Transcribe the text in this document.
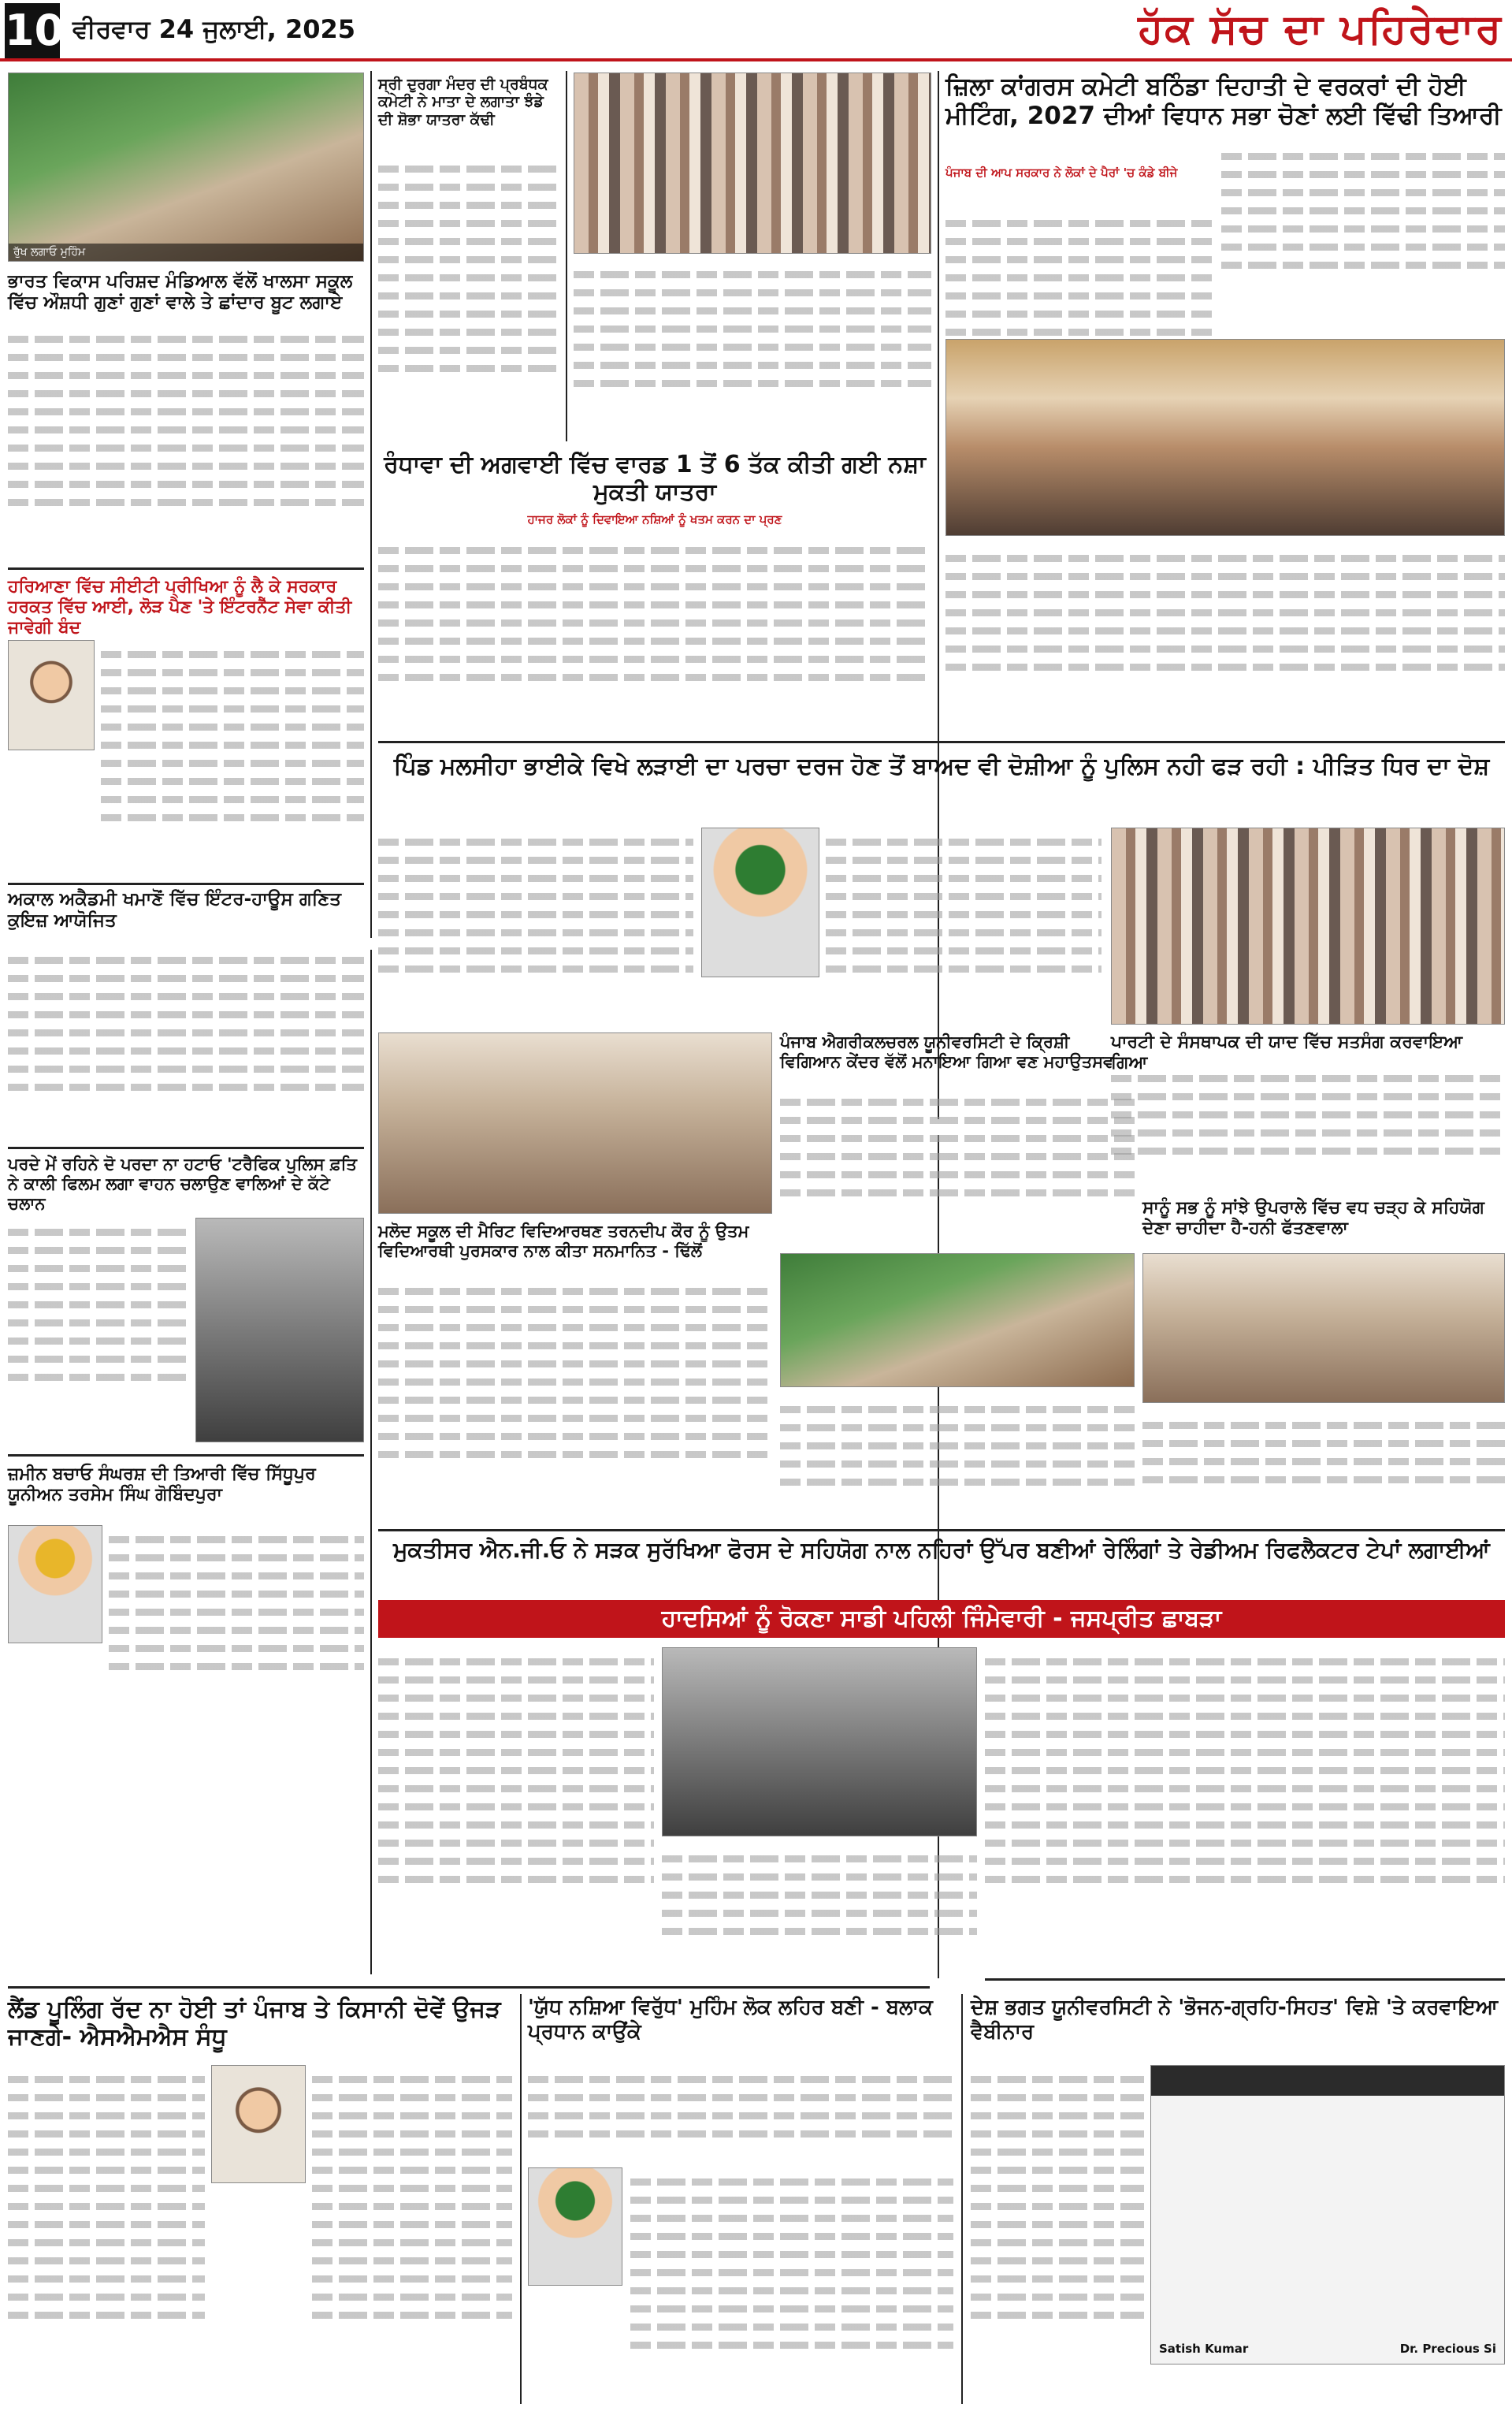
10 ਵੀਰਵਾਰ 24 ਜੁਲਾਈ, 2025	ਹੱਕ ਸੱਚ ਦਾ ਪਹਿਰੇਦਾਰ
ਰੁੱਖ ਲਗਾਓ ਮੁਹਿੰਮ
ਭਾਰਤ ਵਿਕਾਸ ਪਰਿਸ਼ਦ ਮੰਡਿਆਲ ਵੱਲੋਂ ਖਾਲਸਾ ਸਕੂਲ ਵਿੱਚ ਔਸ਼ਧੀ ਗੁਣਾਂ ਗੁਣਾਂ ਵਾਲੇ ਤੇ ਛਾਂਦਾਰ ਬੂਟ ਲਗਾਏ
ਹਰਿਆਣਾ ਵਿੱਚ ਸੀਈਟੀ ਪ੍ਰੀਖਿਆ ਨੂੰ ਲੈ ਕੇ ਸਰਕਾਰ ਹਰਕਤ ਵਿੱਚ ਆਈ, ਲੋੜ ਪੈਣ 'ਤੇ ਇੰਟਰਨੈੱਟ ਸੇਵਾ ਕੀਤੀ ਜਾਵੇਗੀ ਬੰਦ
ਅਕਾਲ ਅਕੈਡਮੀ ਖਮਾਣੋਂ ਵਿੱਚ ਇੰਟਰ-ਹਾਊਸ ਗਣਿਤ ਕੁਇਜ਼ ਆਯੋਜਿਤ
ਪਰਦੇ ਮੇਂ ਰਹਿਨੇ ਦੋ ਪਰਦਾ ਨਾ ਹਟਾਓ 'ਟਰੈਫਿਕ ਪੁਲਿਸ ਫ਼ਤਿ ਨੇ ਕਾਲੀ ਫਿਲਮ ਲਗਾ ਵਾਹਨ ਚਲਾਉਣ ਵਾਲਿਆਂ ਦੇ ਕੱਟੇ ਚਲਾਨ
ਜ਼ਮੀਨ ਬਚਾਓ ਸੰਘਰਸ਼ ਦੀ ਤਿਆਰੀ ਵਿੱਚ ਸਿੱਧੂਪੁਰ ਯੂਨੀਅਨ ਤਰਸੇਮ ਸਿੰਘ ਗੋਬਿੰਦਪੁਰਾ
ਸ੍ਰੀ ਦੁਰਗਾ ਮੰਦਰ ਦੀ ਪ੍ਰਬੰਧਕ ਕਮੇਟੀ ਨੇ ਮਾਤਾ ਦੇ ਲਗਾਤਾ ਝੰਡੇ ਦੀ ਸ਼ੋਭਾ ਯਾਤਰਾ ਕੱਢੀ
ਰੰਧਾਵਾ ਦੀ ਅਗਵਾਈ ਵਿੱਚ ਵਾਰਡ 1 ਤੋਂ 6 ਤੱਕ ਕੀਤੀ ਗਈ ਨਸ਼ਾ ਮੁਕਤੀ ਯਾਤਰਾ
ਹਾਜਰ ਲੋਕਾਂ ਨੂੰ ਦਿਵਾਇਆ ਨਸ਼ਿਆਂ ਨੂੰ ਖਤਮ ਕਰਨ ਦਾ ਪ੍ਰਣ
ਪਿੰਡ ਮਲਸੀਹਾ ਭਾਈਕੇ ਵਿਖੇ ਲੜਾਈ ਦਾ ਪਰਚਾ ਦਰਜ ਹੋਣ ਤੋਂ ਬਾਅਦ ਵੀ ਦੋਸ਼ੀਆ ਨੂੰ ਪੁਲਿਸ ਨਹੀ ਫੜ ਰਹੀ : ਪੀੜਿਤ ਧਿਰ ਦਾ ਦੋਸ਼
ਮਲੋਦ ਸਕੂਲ ਦੀ ਮੈਰਿਟ ਵਿਦਿਆਰਥਣ ਤਰਨਦੀਪ ਕੌਰ ਨੂੰ ਉਤਮ ਵਿਦਿਆਰਥੀ ਪੁਰਸਕਾਰ ਨਾਲ ਕੀਤਾ ਸਨਮਾਨਿਤ - ਢਿੱਲੋਂ
ਪੰਜਾਬ ਐਗਰੀਕਲਚਰਲ ਯੂਨੀਵਰਸਿਟੀ ਦੇ ਕ੍ਰਿਸ਼ੀ ਵਿਗਿਆਨ ਕੇਂਦਰ ਵੱਲੋਂ ਮਨਾਇਆ ਗਿਆ ਵਣ ਮਹਾਉਤਸਵ
ਮੁਕਤੀਸਰ ਐਨ.ਜੀ.ਓ ਨੇ ਸੜਕ ਸੁਰੱਖਿਆ ਫੋਰਸ ਦੇ ਸਹਿਯੋਗ ਨਾਲ ਨਹਿਰਾਂ ਉੱਪਰ ਬਣੀਆਂ ਰੇਲਿੰਗਾਂ ਤੇ ਰੇਡੀਅਮ ਰਿਫਲੈਕਟਰ ਟੇਪਾਂ ਲਗਾਈਆਂ
ਹਾਦਸਿਆਂ ਨੂੰ ਰੋਕਣਾ ਸਾਡੀ ਪਹਿਲੀ ਜਿੰਮੇਵਾਰੀ - ਜਸਪ੍ਰੀਤ ਛਾਬੜਾ
ਜ਼ਿਲਾ ਕਾਂਗਰਸ ਕਮੇਟੀ ਬਠਿੰਡਾ ਦਿਹਾਤੀ ਦੇ ਵਰਕਰਾਂ ਦੀ ਹੋਈ ਮੀਟਿੰਗ, 2027 ਦੀਆਂ ਵਿਧਾਨ ਸਭਾ ਚੋਣਾਂ ਲਈ ਵਿੱਢੀ ਤਿਆਰੀ
ਪੰਜਾਬ ਦੀ ਆਪ ਸਰਕਾਰ ਨੇ ਲੋਕਾਂ ਦੇ ਪੈਰਾਂ 'ਚ ਕੰਡੇ ਬੀਜੇ
ਪਾਰਟੀ ਦੇ ਸੰਸਥਾਪਕ ਦੀ ਯਾਦ ਵਿੱਚ ਸਤਸੰਗ ਕਰਵਾਇਆ ਗਿਆ
ਸਾਨੂੰ ਸਭ ਨੂੰ ਸਾਂਝੇ ਉਪਰਾਲੇ ਵਿੱਚ ਵਧ ਚੜ੍ਹ ਕੇ ਸਹਿਯੋਗ ਦੇਣਾ ਚਾਹੀਦਾ ਹੈ-ਹਨੀ ਫੱਤਣਵਾਲਾ
ਲੈਂਡ ਪੂਲਿੰਗ ਰੱਦ ਨਾ ਹੋਈ ਤਾਂ ਪੰਜਾਬ ਤੇ ਕਿਸਾਨੀ ਦੋਵੇਂ ਉਜੜ ਜਾਣਗੇ- ਐਸਐਮਐਸ ਸੰਧੂ
'ਯੁੱਧ ਨਸ਼ਿਆ ਵਿਰੁੱਧ' ਮੁਹਿੰਮ ਲੋਕ ਲਹਿਰ ਬਣੀ - ਬਲਾਕ ਪ੍ਰਧਾਨ ਕਾਉਂਕੇ
ਦੇਸ਼ ਭਗਤ ਯੂਨੀਵਰਸਿਟੀ ਨੇ 'ਭੋਜਨ-ਗ੍ਰਹਿ-ਸਿਹਤ' ਵਿਸ਼ੇ 'ਤੇ ਕਰਵਾਇਆ ਵੈਬੀਨਾਰ
Satish Kumar	Dr. Precious Si
